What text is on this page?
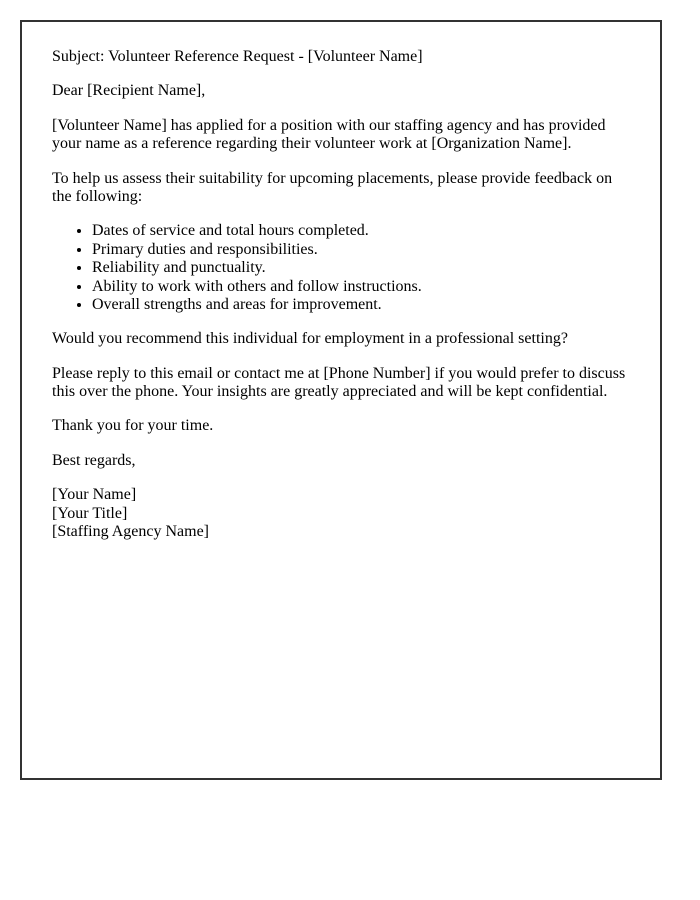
Subject: Volunteer Reference Request - [Volunteer Name]

Dear [Recipient Name],

[Volunteer Name] has applied for a position with our staffing agency and has provided your name as a reference regarding their volunteer work at [Organization Name].

To help us assess their suitability for upcoming placements, please provide feedback on the following:

• Dates of service and total hours completed.
• Primary duties and responsibilities.
• Reliability and punctuality.
• Ability to work with others and follow instructions.
• Overall strengths and areas for improvement.

Would you recommend this individual for employment in a professional setting?

Please reply to this email or contact me at [Phone Number] if you would prefer to discuss this over the phone. Your insights are greatly appreciated and will be kept confidential.

Thank you for your time.

Best regards,

[Your Name]
[Your Title]
[Staffing Agency Name]
